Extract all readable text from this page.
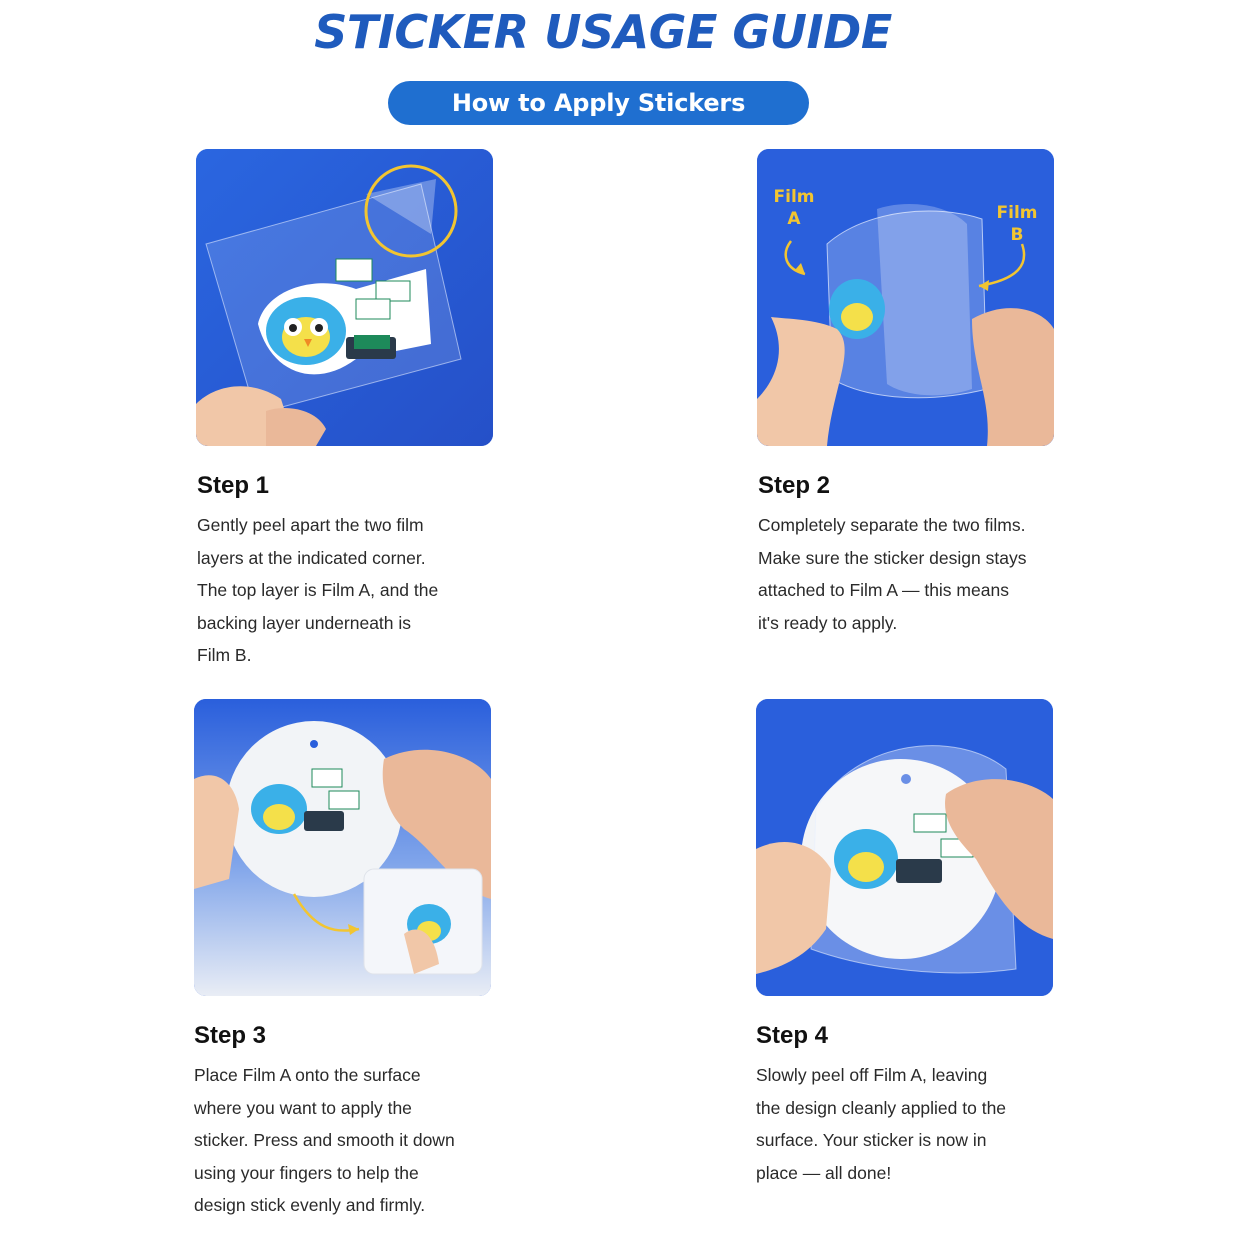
STICKER USAGE GUIDE
How to Apply Stickers
Film
A	Film
B
Step 1
Gently peel apart the two film
layers at the indicated corner.
The top layer is Film A, and the
backing layer underneath is
Film B.
Step 2
Completely separate the two films.
Make sure the sticker design stays
attached to Film A — this means
it's ready to apply.
Step 3
Place Film A onto the surface
where you want to apply the
sticker. Press and smooth it down
using your fingers to help the
design stick evenly and firmly.
Step 4
Slowly peel off Film A, leaving
the design cleanly applied to the
surface. Your sticker is now in
place — all done!
